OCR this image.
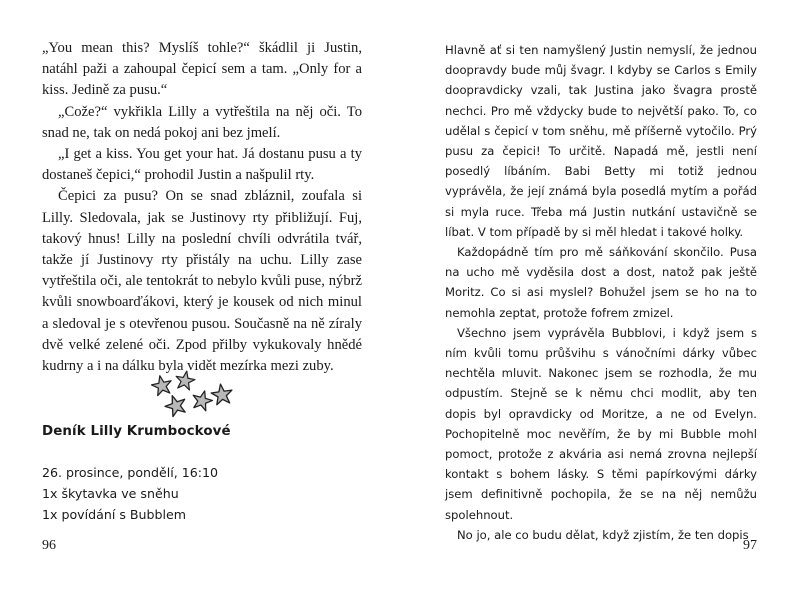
„You mean this? Myslíš tohle?“ škádlil ji Justin, natáhl paži a zahoupal čepicí sem a tam. „Only for a kiss. Jedině za pusu.“

„Cože?“ vykřikla Lilly a vytřeštila na něj oči. To snad ne, tak on nedá pokoj ani bez jmelí.

„I get a kiss. You get your hat. Já dostanu pusu a ty dostaneš čepici,“ prohodil Justin a našpulil rty.

Čepici za pusu? On se snad zbláznil, zoufala si Lilly. Sledovala, jak se Justinovy rty přibližují. Fuj, takový hnus! Lilly na poslední chvíli odvrátila tvář, takže jí Justinovy rty přistály na uchu. Lilly zase vytřeštila oči, ale tentokrát to nebylo kvůli puse, nýbrž kvůli snowboarďákovi, který je kousek od nich minul a sledoval je s otevřenou pusou. Současně na ně zíraly dvě velké zelené oči. Zpod přilby vykukovaly hnědé kudrny a i na dálku byla vidět mezírka mezi zuby.

Deník Lilly Krumbockové
26. prosince, pondělí, 16:10
1x škytavka ve sněhu
1x povídání s Bubblem
96

Hlavně ať si ten namyšlený Justin nemyslí, že jednou doopravdy bude můj švagr. I kdyby se Carlos s Emily doopravdicky vzali, tak Justina jako švagra prostě nechci. Pro mě vždycky bude to největší pako. To, co udělal s čepicí v tom sněhu, mě příšerně vytočilo. Prý pusu za čepici! To určitě. Napadá mě, jestli není posedlý líbáním. Babi Betty mi totiž jednou vyprávěla, že její známá byla posedlá mytím a pořád si myla ruce. Třeba má Justin nutkání ustavičně se líbat. V tom případě by si měl hledat i takové holky.

Každopádně tím pro mě sáňkování skončilo. Pusa na ucho mě vyděsila dost a dost, natož pak ještě Moritz. Co si asi myslel? Bohužel jsem se ho na to nemohla zeptat, protože fofrem zmizel.

Všechno jsem vyprávěla Bubblovi, i když jsem s ním kvůli tomu průšvihu s vánočními dárky vůbec nechtěla mluvit. Nakonec jsem se rozhodla, že mu odpustím. Stejně se k němu chci modlit, aby ten dopis byl opravdicky od Moritze, a ne od Evelyn. Pochopitelně moc nevěřím, že by mi Bubble mohl pomoct, protože z akvária asi nemá zrovna nejlepší kontakt s bohem lásky. S těmi papírkovými dárky jsem definitivně pochopila, že se na něj nemůžu spolehnout.

No jo, ale co budu dělat, když zjistím, že ten dopis

97
